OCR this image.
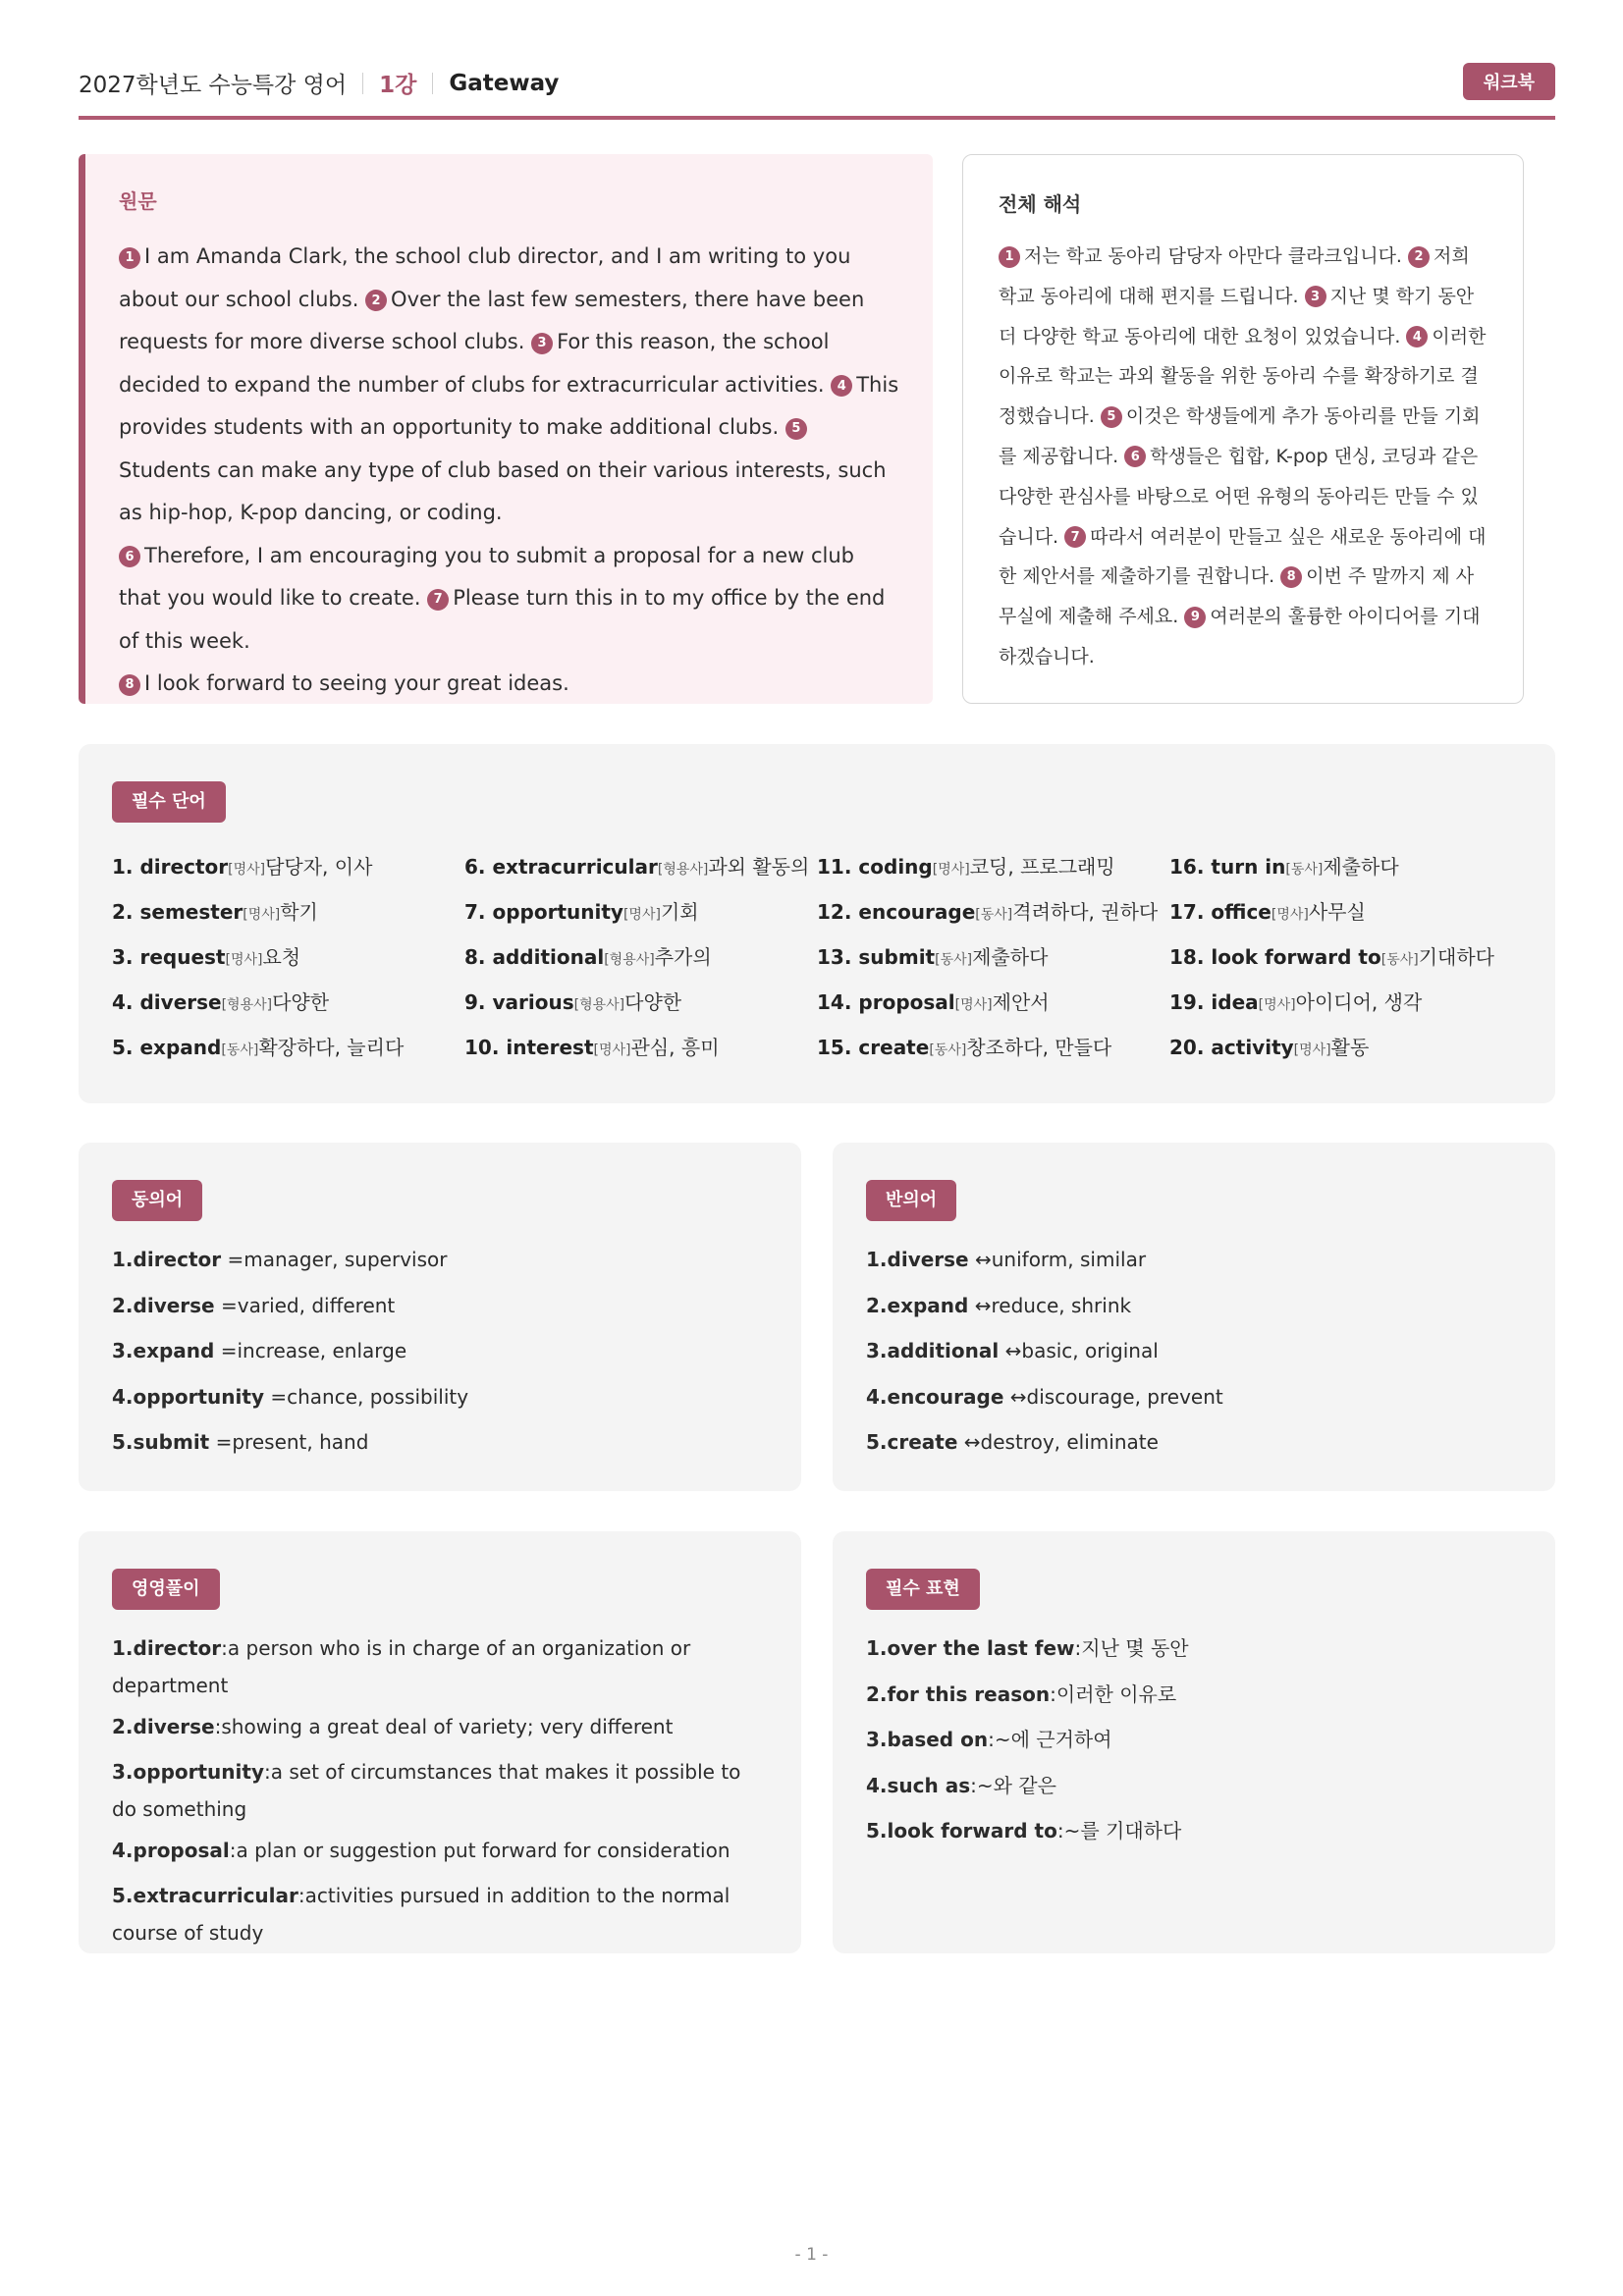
2027학년도 수능특강 영어 1강 Gateway	워크북
원문

1 I am Amanda Clark, the school club director, and I am writing to you about our school clubs. 2 Over the last few semesters, there have been requests for more diverse school clubs. 3 For this reason, the school decided to expand the number of clubs for extracurricular activities. 4 This provides students with an opportunity to make additional clubs. 5Students can make any type of club based on their various interests, such as hip-hop, K-pop dancing, or coding.

6 Therefore, I am encouraging you to submit a proposal for a new club that you would like to create. 7 Please turn this in to my office by the end of this week.

8 I look forward to seeing your great ideas.

전체 해석
1 저는 학교 동아리 담당자 아만다 클라크입니다. 2 저희 학교 동아리에 대해 편지를 드립니다. 3 지난 몇 학기 동안 더 다양한 학교 동아리에 대한 요청이 있었습니다. 4 이러한 이유로 학교는 과외 활동을 위한 동아리 수를 확장하기로 결정했습니다. 5 이것은 학생들에게 추가 동아리를 만들 기회를 제공합니다. 6 학생들은 힙합, K-pop 댄싱, 코딩과 같은 다양한 관심사를 바탕으로 어떤 유형의 동아리든 만들 수 있습니다. 7 따라서 여러분이 만들고 싶은 새로운 동아리에 대한 제안서를 제출하기를 권합니다. 8 이번 주 말까지 제 사무실에 제출해 주세요. 9 여러분의 훌륭한 아이디어를 기대하겠습니다.
필수 단어
1. director[명사]담당자, 이사
2. semester[명사]학기
3. request[명사]요청
4. diverse[형용사]다양한
5. expand[동사]확장하다, 늘리다
6. extracurricular[형용사]과외 활동의
7. opportunity[명사]기회
8. additional[형용사]추가의
9. various[형용사]다양한
10. interest[명사]관심, 흥미
11. coding[명사]코딩, 프로그래밍
12. encourage[동사]격려하다, 권하다
13. submit[동사]제출하다
14. proposal[명사]제안서
15. create[동사]창조하다, 만들다
16. turn in[동사]제출하다
17. office[명사]사무실
18. look forward to[동사]기대하다
19. idea[명사]아이디어, 생각
20. activity[명사]활동
동의어
1.director =manager, supervisor
2.diverse =varied, different
3.expand =increase, enlarge
4.opportunity =chance, possibility
5.submit =present, hand
반의어
1.diverse ↔uniform, similar
2.expand ↔reduce, shrink
3.additional ↔basic, original
4.encourage ↔discourage, prevent
5.create ↔destroy, eliminate
영영풀이
1.director:a person who is in charge of an organization or department
2.diverse:showing a great deal of variety; very different
3.opportunity:a set of circumstances that makes it possible to do something
4.proposal:a plan or suggestion put forward for consideration
5.extracurricular:activities pursued in addition to the normal course of study
필수 표현
1.over the last few:지난 몇 동안
2.for this reason:이러한 이유로
3.based on:~에 근거하여
4.such as:~와 같은
5.look forward to:~를 기대하다
- 1 -
